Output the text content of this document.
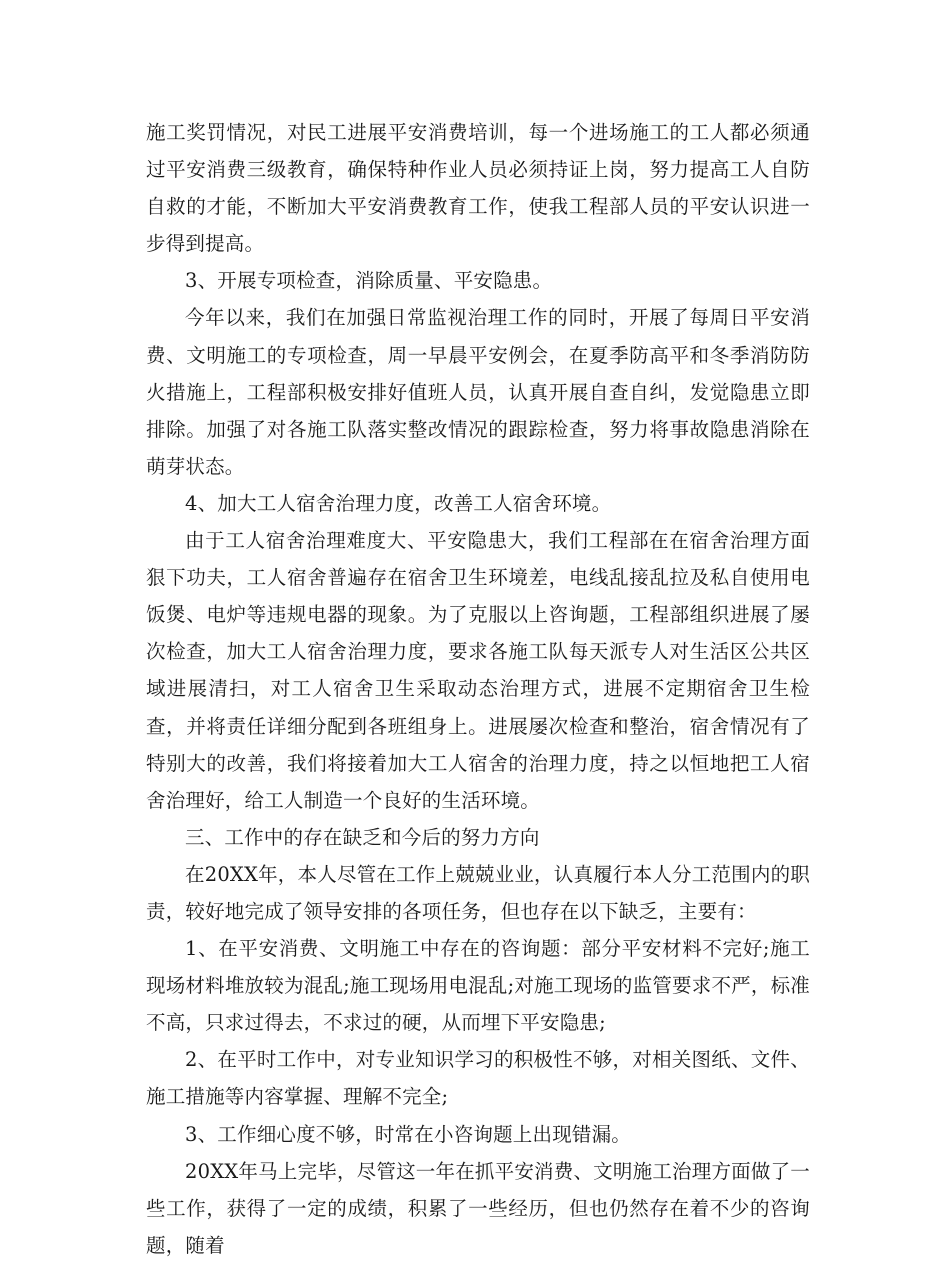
施工奖罚情况，对民工进展平安消费培训，每一个进场施工的工人都必须通过平安消费三级教育，确保特种作业人员必须持证上岗，努力提高工人自防自救的才能，不断加大平安消费教育工作，使我工程部人员的平安认识进一步得到提高。

3、开展专项检查，消除质量、平安隐患。

今年以来，我们在加强日常监视治理工作的同时，开展了每周日平安消费、文明施工的专项检查，周一早晨平安例会，在夏季防高平和冬季消防防火措施上，工程部积极安排好值班人员，认真开展自查自纠，发觉隐患立即排除。加强了对各施工队落实整改情况的跟踪检查，努力将事故隐患消除在萌芽状态。

4、加大工人宿舍治理力度，改善工人宿舍环境。

由于工人宿舍治理难度大、平安隐患大，我们工程部在在宿舍治理方面狠下功夫，工人宿舍普遍存在宿舍卫生环境差，电线乱接乱拉及私自使用电饭煲、电炉等违规电器的现象。为了克服以上咨询题，工程部组织进展了屡次检查，加大工人宿舍治理力度，要求各施工队每天派专人对生活区公共区域进展清扫，对工人宿舍卫生采取动态治理方式，进展不定期宿舍卫生检查，并将责任详细分配到各班组身上。进展屡次检查和整治，宿舍情况有了特别大的改善，我们将接着加大工人宿舍的治理力度，持之以恒地把工人宿舍治理好，给工人制造一个良好的生活环境。

三、工作中的存在缺乏和今后的努力方向

在20XX年，本人尽管在工作上兢兢业业，认真履行本人分工范围内的职责，较好地完成了领导安排的各项任务，但也存在以下缺乏，主要有：

1、在平安消费、文明施工中存在的咨询题：部分平安材料不完好;施工现场材料堆放较为混乱;施工现场用电混乱;对施工现场的监管要求不严，标准不高，只求过得去，不求过的硬，从而埋下平安隐患;

2、在平时工作中，对专业知识学习的积极性不够，对相关图纸、文件、施工措施等内容掌握、理解不完全;

3、工作细心度不够，时常在小咨询题上出现错漏。

20XX年马上完毕，尽管这一年在抓平安消费、文明施工治理方面做了一些工作，获得了一定的成绩，积累了一些经历，但也仍然存在着不少的咨询题，随着
